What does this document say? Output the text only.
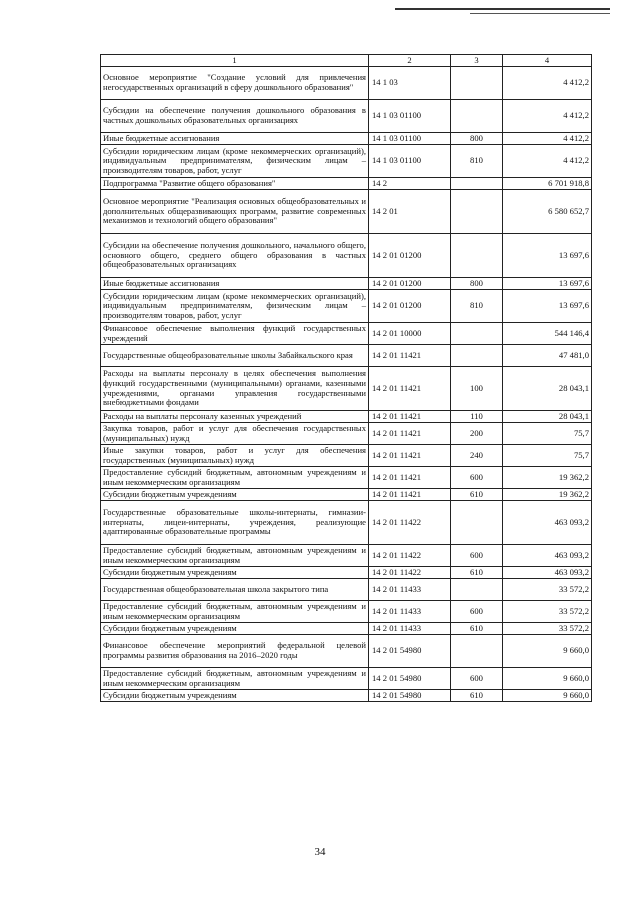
1	2	3	4
Основное мероприятие "Создание условий для привлечения негосударственных организаций в сферу дошкольного образования"	14 1 03		4 412,2
Субсидии на обеспечение получения дошкольного образования в частных дошкольных образовательных организациях	14 1 03 01100		4 412,2
Иные бюджетные ассигнования	14 1 03 01100	800	4 412,2
Субсидии юридическим лицам (кроме некоммерческих организаций), индивидуальным предпринимателям, физическим лицам – производителям товаров, работ, услуг	14 1 03 01100	810	4 412,2
Подпрограмма "Развитие общего образования"	14 2		6 701 918,8
Основное мероприятие "Реализация основных общеобразовательных и дополнительных общеразвивающих программ, развитие современных механизмов и технологий общего образования"	14 2 01		6 580 652,7
Субсидии на обеспечение получения дошкольного, начального общего, основного общего, среднего общего образования в частных общеобразовательных организациях	14 2 01 01200		13 697,6
Иные бюджетные ассигнования	14 2 01 01200	800	13 697,6
Субсидии юридическим лицам (кроме некоммерческих организаций), индивидуальным предпринимателям, физическим лицам – производителям товаров, работ, услуг	14 2 01 01200	810	13 697,6
Финансовое обеспечение выполнения функций государственных учреждений	14 2 01 10000		544 146,4
Государственные общеобразовательные школы Забайкальского края	14 2 01 11421		47 481,0
Расходы на выплаты персоналу в целях обеспечения выполнения функций государственными (муниципальными) органами, казенными учреждениями, органами управления государственными внебюджетными фондами	14 2 01 11421	100	28 043,1
Расходы на выплаты персоналу казенных учреждений	14 2 01 11421	110	28 043,1
Закупка товаров, работ и услуг для обеспечения государственных (муниципальных) нужд	14 2 01 11421	200	75,7
Иные закупки товаров, работ и услуг для обеспечения государственных (муниципальных) нужд	14 2 01 11421	240	75,7
Предоставление субсидий бюджетным, автономным учреждениям и иным некоммерческим организациям	14 2 01 11421	600	19 362,2
Субсидии бюджетным учреждениям	14 2 01 11421	610	19 362,2
Государственные образовательные школы-интернаты, гимназии-интернаты, лицеи-интернаты, учреждения, реализующие адаптированные образовательные программы	14 2 01 11422		463 093,2
Предоставление субсидий бюджетным, автономным учреждениям и иным некоммерческим организациям	14 2 01 11422	600	463 093,2
Субсидии бюджетным учреждениям	14 2 01 11422	610	463 093,2
Государственная общеобразовательная школа закрытого типа	14 2 01 11433		33 572,2
Предоставление субсидий бюджетным, автономным учреждениям и иным некоммерческим организациям	14 2 01 11433	600	33 572,2
Субсидии бюджетным учреждениям	14 2 01 11433	610	33 572,2
Финансовое обеспечение мероприятий федеральной целевой программы развития образования на 2016–2020 годы	14 2 01 54980		9 660,0
Предоставление субсидий бюджетным, автономным учреждениям и иным некоммерческим организациям	14 2 01 54980	600	9 660,0
Субсидии бюджетным учреждениям	14 2 01 54980	610	9 660,0
34
